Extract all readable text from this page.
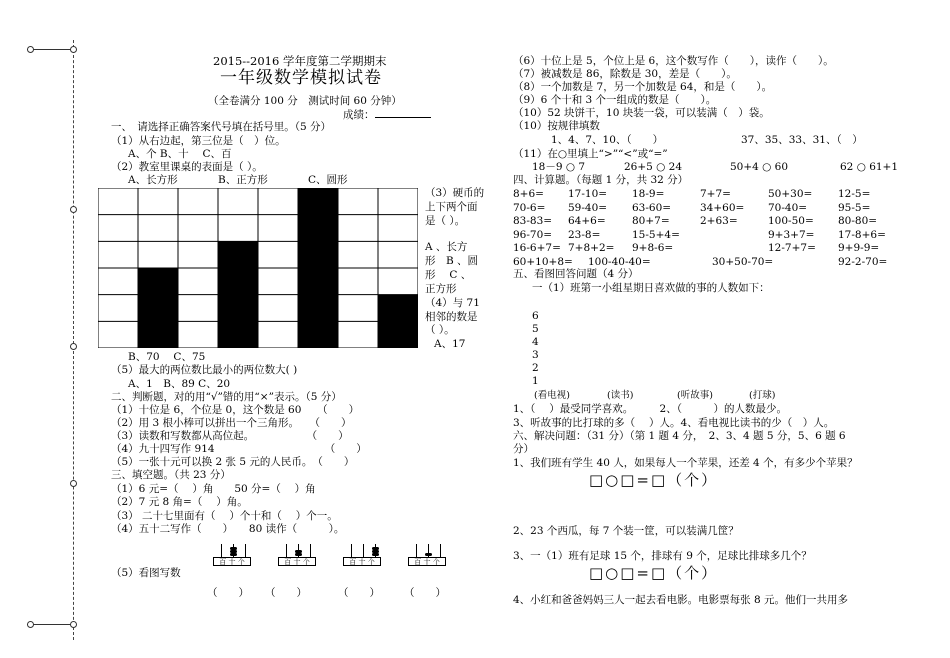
2015--2016 学年度第二学期期末
一年级数学模拟试卷
（全卷满分 100 分　测试时间 60 分钟）
成绩：
一、　请选择正确答案代号填在括号里。（5 分）
（1）从右边起，第三位是（　）位。
A、个 B、十　 C、百
（2）教室里课桌的表面是（ ）。
A、长方形	B、正方形	C、圆形
（3）硬币的
上下两个面
是（ ）。
A 、长方
形　B 、圆
形　 C 、
正方形
（4）与 71
相邻的数是
（ ）。
A、17
B、70　 C、75
（5）最大的两位数比最小的两位数大( )
A、1　B、89 C、20
二、判断题，对的用“√”错的用“×”表示。（5 分）
（1）十位是 6，个位是 0，这个数是 60　　（　　）
（2）用 3 根小棒可以拼出一个三角形。　　（　　）
（3）读数和写数都从高位起。　　　　　　（　　）
（4）九十四写作 914　　　　　　　　　　　（　　）
（5）一张十元可以换 2 张 5 元的人民币。　（　　）
三、填空题。（共 23 分）
（1）6 元=（　 ）角　　50 分=（　 ）角
（2）7 元 8 角=（　 ）角。
（3） 二十七里面有（　 ）个十和（　 ）个一。
（4）五十二写作（　　）　　80 读作（　　　）。
百 十 个	百 十 个	百 十 个	百 十 个
（5）看图写数
（　　） （　　）	（　　） （　　）
（6）十位上是 5，个位上是 6，这个数写作（　　），读作（　　）。
（7）被减数是 86，除数是 30，差是（　　）。
（8）一个加数是 7，另一个加数是 64，和是（　　）。
（9）6 个十和 3 个一组成的数是（　　）。
（10）52 块饼干，10 块装一袋，可以装满（　）袋。
（10）按规律填数
1、4、7、10、（　　）	37、35、33、31、（　）
（11）在○里填上“>”“<”或“=”
18－9 ○ 7	26+5 ○ 24	50+4 ○ 60	62 ○ 61+1
四、计算题。（每题 1 分，共 32 分）
8+6= 17-10= 18-9=	7+7=	50+30= 12-5=
70-6= 59-40= 63-60=	34+60= 70-40=	95-5=
83-83= 64+6=	80+7=	2+63=	100-50= 80-80=
96-70= 23-8=	15-5+4=	9+3+7= 17-8+6=
16-6+7= 7+8+2= 9+8-6=	12-7+7= 9+9-9=
60+10+8= 100-40-40=	30+50-70=	92-2-70=
五、看图回答问题（4 分）
一（1）班第一小组星期日喜欢做的事的人数如下：
6
5
4
3
2
1
(看电视)	(读书)	(听故事)	(打球)
1、（　 ）最受同学喜欢。　　　2、（　　　）的人数最少。
3、听故事的比打球的多（　 ）人。4、看电视比读书的少（　）人。
六、解决问题：（31 分）（第 1 题 4 分，　2、3、4 题 5 分，5、6 题 6
分）
1、我们班有学生 40 人，如果每人一个苹果，还差 4 个，有多少个苹果？
□○□=□（个）
2、23 个西瓜，每 7 个装一筐，可以装满几筐？
3、一（1）班有足球 15 个，排球有 9 个，足球比排球多几个？
□○□=□（个）
4、小红和爸爸妈妈三人一起去看电影。电影票每张 8 元。他们一共用多
